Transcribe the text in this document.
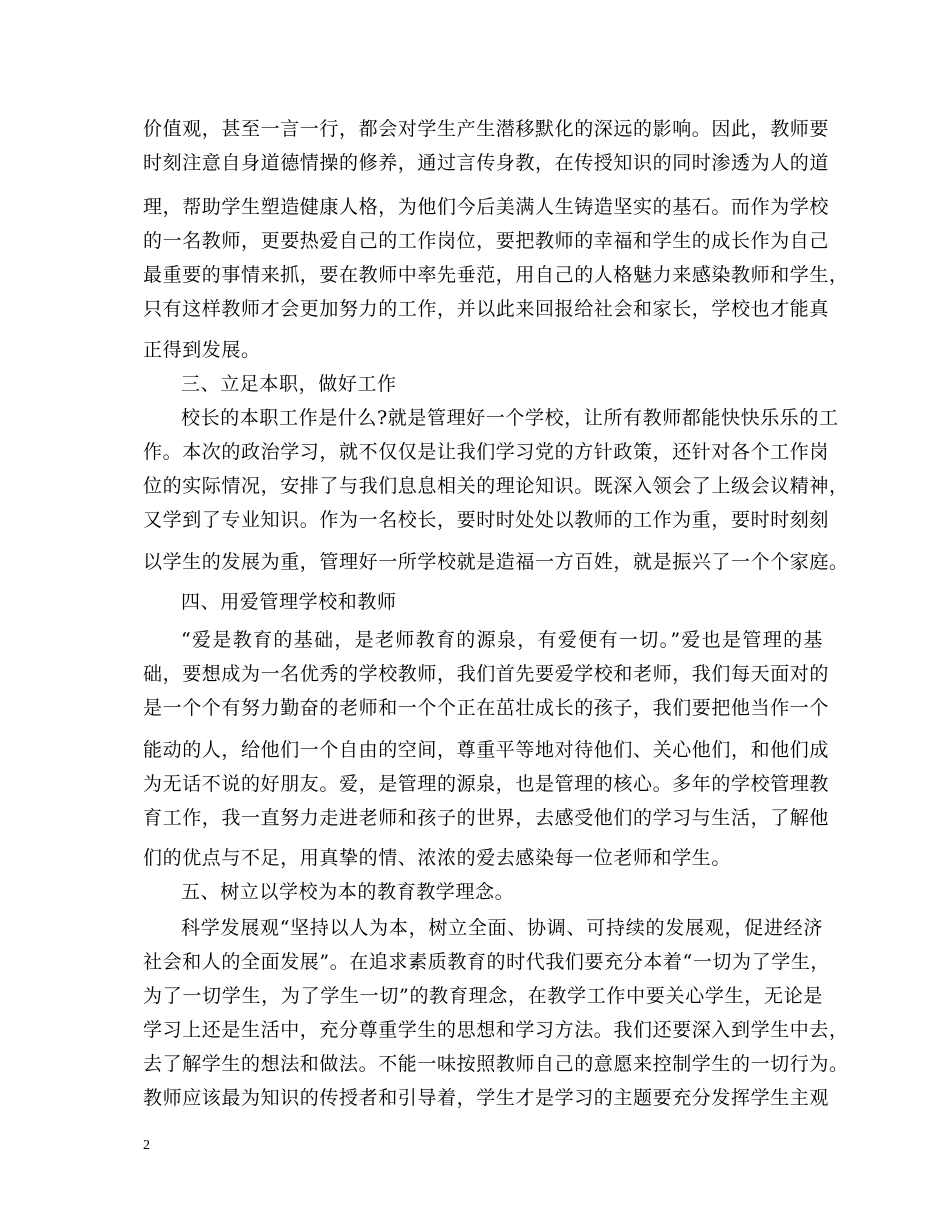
价值观，甚至一言一行，都会对学生产生潜移默化的深远的影响。因此，教师要
时刻注意自身道德情操的修养，通过言传身教，在传授知识的同时渗透为人的道
理，帮助学生塑造健康人格，为他们今后美满人生铸造坚实的基石。而作为学校
的一名教师，更要热爱自己的工作岗位，要把教师的幸福和学生的成长作为自己
最重要的事情来抓，要在教师中率先垂范，用自己的人格魅力来感染教师和学生，
只有这样教师才会更加努力的工作，并以此来回报给社会和家长，学校也才能真
正得到发展。
三、立足本职，做好工作
校长的本职工作是什么?就是管理好一个学校，让所有教师都能快快乐乐的工
作。本次的政治学习，就不仅仅是让我们学习党的方针政策，还针对各个工作岗
位的实际情况，安排了与我们息息相关的理论知识。既深入领会了上级会议精神，
又学到了专业知识。作为一名校长，要时时处处以教师的工作为重，要时时刻刻
以学生的发展为重，管理好一所学校就是造福一方百姓，就是振兴了一个个家庭。
四、用爱管理学校和教师
“爱是教育的基础，是老师教育的源泉，有爱便有一切。”爱也是管理的基
础，要想成为一名优秀的学校教师，我们首先要爱学校和老师，我们每天面对的
是一个个有努力勤奋的老师和一个个正在茁壮成长的孩子，我们要把他当作一个
能动的人，给他们一个自由的空间，尊重平等地对待他们、关心他们，和他们成
为无话不说的好朋友。爱，是管理的源泉，也是管理的核心。多年的学校管理教
育工作，我一直努力走进老师和孩子的世界，去感受他们的学习与生活，了解他
们的优点与不足，用真挚的情、浓浓的爱去感染每一位老师和学生。
五、树立以学校为本的教育教学理念。
科学发展观“坚持以人为本，树立全面、协调、可持续的发展观，促进经济
社会和人的全面发展”。在追求素质教育的时代我们要充分本着“一切为了学生，
为了一切学生，为了学生一切”的教育理念，在教学工作中要关心学生，无论是
学习上还是生活中，充分尊重学生的思想和学习方法。我们还要深入到学生中去，
去了解学生的想法和做法。不能一味按照教师自己的意愿来控制学生的一切行为。
教师应该最为知识的传授者和引导着，学生才是学习的主题要充分发挥学生主观
2
